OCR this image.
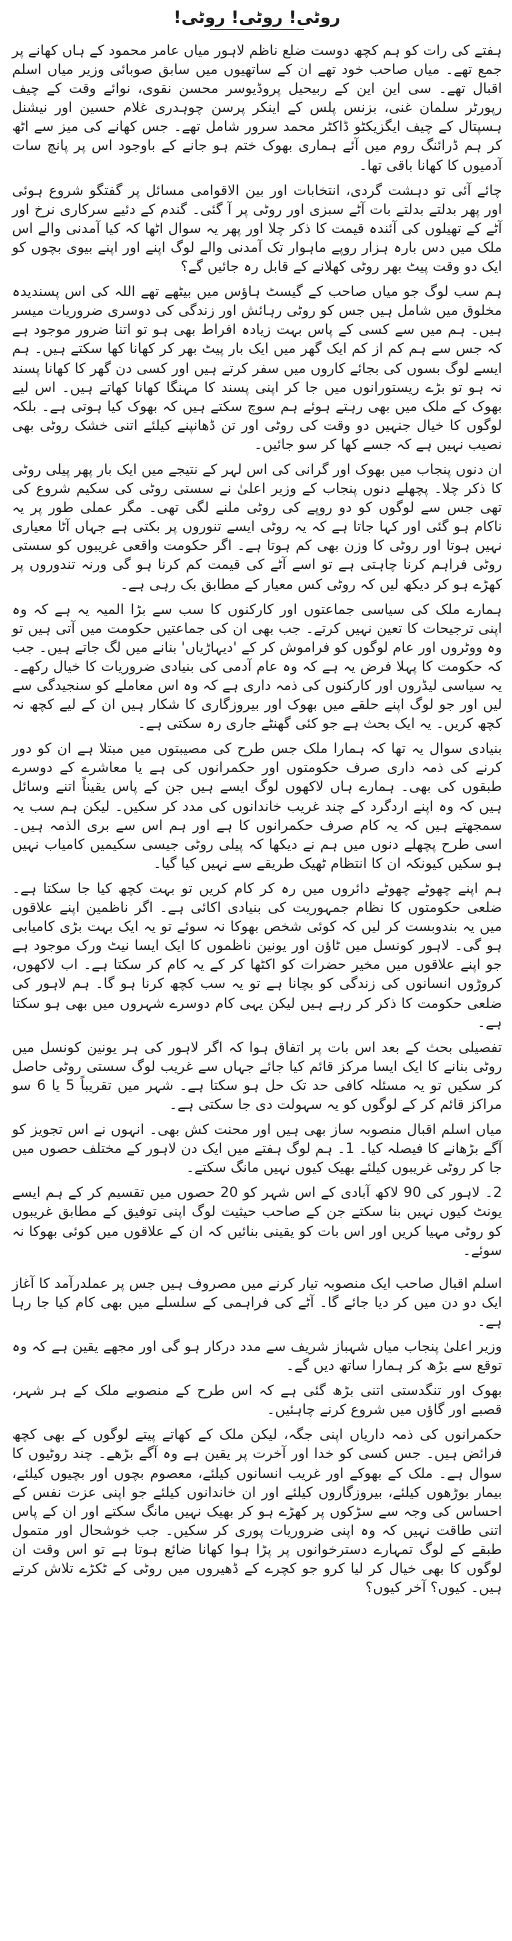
روٹی! روٹی! روٹی!

ہفتے کی رات کو ہم کچھ دوست ضلع ناظم لاہور میاں عامر محمود کے ہاں کھانے پر جمع تھے۔ میاں صاحب خود تھے ان کے ساتھیوں میں سابق صوبائی وزیر میاں اسلم اقبال تھے۔ سی این این کے ربیحیل پروڈیوسر محسن نقوی، نوائے وقت کے چیف رپورٹر سلمان غنی، بزنس پلس کے اینکر پرسن چوہدری غلام حسین اور نیشنل ہسپتال کے چیف ایگزیکٹو ڈاکٹر محمد سرور شامل تھے۔ جس کھانے کی میز سے اٹھ کر ہم ڈرائنگ روم میں آئے ہماری بھوک ختم ہو جانے کے باوجود اس پر پانچ سات آدمیوں کا کھانا باقی تھا۔

چائے آئی تو دہشت گردی، انتخابات اور بین الاقوامی مسائل پر گفتگو شروع ہوئی اور پھر بدلتے بدلتے بات آٹے سبزی اور روٹی پر آ گئی۔ گندم کے دئیے سرکاری نرخ اور آٹے کے تھیلوں کی آئندہ قیمت کا ذکر چلا اور پھر یہ سوال اٹھا کہ کیا آمدنی والے اس ملک میں دس بارہ ہزار روپے ماہوار تک آمدنی والے لوگ اپنے اور اپنے بیوی بچوں کو ایک دو وقت پیٹ بھر روٹی کھلانے کے قابل رہ جائیں گے؟

ہم سب لوگ جو میاں صاحب کے گیسٹ ہاؤس میں بیٹھے تھے اللہ کی اس پسندیدہ مخلوق میں شامل ہیں جس کو روٹی رہائش اور زندگی کی دوسری ضروریات میسر ہیں۔ ہم میں سے کسی کے پاس بہت زیادہ افراط بھی ہو تو اتنا ضرور موجود ہے کہ جس سے ہم کم از کم ایک گھر میں ایک بار پیٹ بھر کر کھانا کھا سکتے ہیں۔ ہم ایسے لوگ بسوں کی بجائے کاروں میں سفر کرتے ہیں اور کسی دن گھر کا کھانا پسند نہ ہو تو بڑے ریستورانوں میں جا کر اپنی پسند کا مہنگا کھانا کھاتے ہیں۔ اس لیے بھوک کے ملک میں بھی رہتے ہوئے ہم سوچ سکتے ہیں کہ بھوک کیا ہوتی ہے۔ بلکہ لوگوں کا خیال جنہیں دو وقت کی روٹی اور تن ڈھانپنے کیلئے اتنی خشک روٹی بھی نصیب نہیں ہے کہ جسے کھا کر سو جائیں۔

ان دنوں پنجاب میں بھوک اور گرانی کی اس لہر کے نتیجے میں ایک بار پھر پیلی روٹی کا ذکر چلا۔ پچھلے دنوں پنجاب کے وزیر اعلیٰ نے سستی روٹی کی سکیم شروع کی تھی جس سے لوگوں کو دو روپے کی روٹی ملنے لگی تھی۔ مگر عملی طور پر یہ ناکام ہو گئی اور کہا جاتا ہے کہ یہ روٹی ایسے تنوروں پر بکتی ہے جہاں آٹا معیاری نہیں ہوتا اور روٹی کا وزن بھی کم ہوتا ہے۔ اگر حکومت واقعی غریبوں کو سستی روٹی فراہم کرنا چاہتی ہے تو اسے آٹے کی قیمت کم کرنا ہو گی ورنہ تندوروں پر کھڑے ہو کر دیکھ لیں کہ روٹی کس معیار کے مطابق بک رہی ہے۔

ہمارے ملک کی سیاسی جماعتوں اور کارکنوں کا سب سے بڑا المیہ یہ ہے کہ وہ اپنی ترجیحات کا تعین نہیں کرتے۔ جب بھی ان کی جماعتیں حکومت میں آتی ہیں تو وہ ووٹروں اور عام لوگوں کو فراموش کر کے 'دیہاڑیاں' بنانے میں لگ جاتے ہیں۔ جب کہ حکومت کا پہلا فرض یہ ہے کہ وہ عام آدمی کی بنیادی ضروریات کا خیال رکھے۔ یہ سیاسی لیڈروں اور کارکنوں کی ذمہ داری ہے کہ وہ اس معاملے کو سنجیدگی سے لیں اور جو لوگ اپنے حلقے میں بھوک اور بیروزگاری کا شکار ہیں ان کے لیے کچھ نہ کچھ کریں۔ یہ ایک بحث ہے جو کئی گھنٹے جاری رہ سکتی ہے۔

بنیادی سوال یہ تھا کہ ہمارا ملک جس طرح کی مصیبتوں میں مبتلا ہے ان کو دور کرنے کی ذمہ داری صرف حکومتوں اور حکمرانوں کی ہے یا معاشرے کے دوسرے طبقوں کی بھی۔ ہمارے ہاں لاکھوں لوگ ایسے ہیں جن کے پاس یقیناً اتنے وسائل ہیں کہ وہ اپنے اردگرد کے چند غریب خاندانوں کی مدد کر سکیں۔ لیکن ہم سب یہ سمجھتے ہیں کہ یہ کام صرف حکمرانوں کا ہے اور ہم اس سے بری الذمہ ہیں۔ اسی طرح پچھلے دنوں میں ہم نے دیکھا کہ پیلی روٹی جیسی سکیمیں کامیاب نہیں ہو سکیں کیونکہ ان کا انتظام ٹھیک طریقے سے نہیں کیا گیا۔

ہم اپنے چھوٹے چھوٹے دائروں میں رہ کر کام کریں تو بہت کچھ کیا جا سکتا ہے۔ ضلعی حکومتوں کا نظام جمہوریت کی بنیادی اکائی ہے۔ اگر ناظمین اپنے علاقوں میں یہ بندوبست کر لیں کہ کوئی شخص بھوکا نہ سوئے تو یہ ایک بہت بڑی کامیابی ہو گی۔ لاہور کونسل میں ٹاؤن اور یونین ناظموں کا ایک ایسا نیٹ ورک موجود ہے جو اپنے علاقوں میں مخیر حضرات کو اکٹھا کر کے یہ کام کر سکتا ہے۔ اب لاکھوں، کروڑوں انسانوں کی زندگی کو بچانا ہے تو یہ سب کچھ کرنا ہو گا۔ ہم لاہور کی ضلعی حکومت کا ذکر کر رہے ہیں لیکن یہی کام دوسرے شہروں میں بھی ہو سکتا ہے۔

تفصیلی بحث کے بعد اس بات پر اتفاق ہوا کہ اگر لاہور کی ہر یونین کونسل میں روٹی بنانے کا ایک ایسا مرکز قائم کیا جائے جہاں سے غریب لوگ سستی روٹی حاصل کر سکیں تو یہ مسئلہ کافی حد تک حل ہو سکتا ہے۔ شہر میں تقریباً 5 یا 6 سو مراکز قائم کر کے لوگوں کو یہ سہولت دی جا سکتی ہے۔

میاں اسلم اقبال منصوبہ ساز بھی ہیں اور محنت کش بھی۔ انہوں نے اس تجویز کو آگے بڑھانے کا فیصلہ کیا۔ 1۔ ہم لوگ ہفتے میں ایک دن لاہور کے مختلف حصوں میں جا کر روٹی غریبوں کیلئے بھیک کیوں نہیں مانگ سکتے۔

2۔ لاہور کی 90 لاکھ آبادی کے اس شہر کو 20 حصوں میں تقسیم کر کے ہم ایسے یونٹ کیوں نہیں بنا سکتے جن کے صاحب حیثیت لوگ اپنی توفیق کے مطابق غریبوں کو روٹی مہیا کریں اور اس بات کو یقینی بنائیں کہ ان کے علاقوں میں کوئی بھوکا نہ سوئے۔

اسلم اقبال صاحب ایک منصوبہ تیار کرنے میں مصروف ہیں جس پر عملدرآمد کا آغاز ایک دو دن میں کر دیا جائے گا۔ آٹے کی فراہمی کے سلسلے میں بھی کام کیا جا رہا ہے۔

وزیر اعلیٰ پنجاب میاں شہباز شریف سے مدد درکار ہو گی اور مجھے یقین ہے کہ وہ توقع سے بڑھ کر ہمارا ساتھ دیں گے۔

بھوک اور تنگدستی اتنی بڑھ گئی ہے کہ اس طرح کے منصوبے ملک کے ہر شہر، قصبے اور گاؤں میں شروع کرنے چاہئیں۔

حکمرانوں کی ذمہ داریاں اپنی جگہ، لیکن ملک کے کھاتے پیتے لوگوں کے بھی کچھ فرائض ہیں۔ جس کسی کو خدا اور آخرت پر یقین ہے وہ آگے بڑھے۔ چند روٹیوں کا سوال ہے۔ ملک کے بھوکے اور غریب انسانوں کیلئے، معصوم بچوں اور بچیوں کیلئے، بیمار بوڑھوں کیلئے، بیروزگاروں کیلئے اور ان خاندانوں کیلئے جو اپنی عزت نفس کے احساس کی وجہ سے سڑکوں پر کھڑے ہو کر بھیک نہیں مانگ سکتے اور ان کے پاس اتنی طاقت نہیں کہ وہ اپنی ضروریات پوری کر سکیں۔ جب خوشحال اور متمول طبقے کے لوگ تمہارے دسترخوانوں پر پڑا ہوا کھانا ضائع ہوتا ہے تو اس وقت ان لوگوں کا بھی خیال کر لیا کرو جو کچرے کے ڈھیروں میں روٹی کے ٹکڑے تلاش کرتے ہیں۔ کیوں؟ آخر کیوں؟
